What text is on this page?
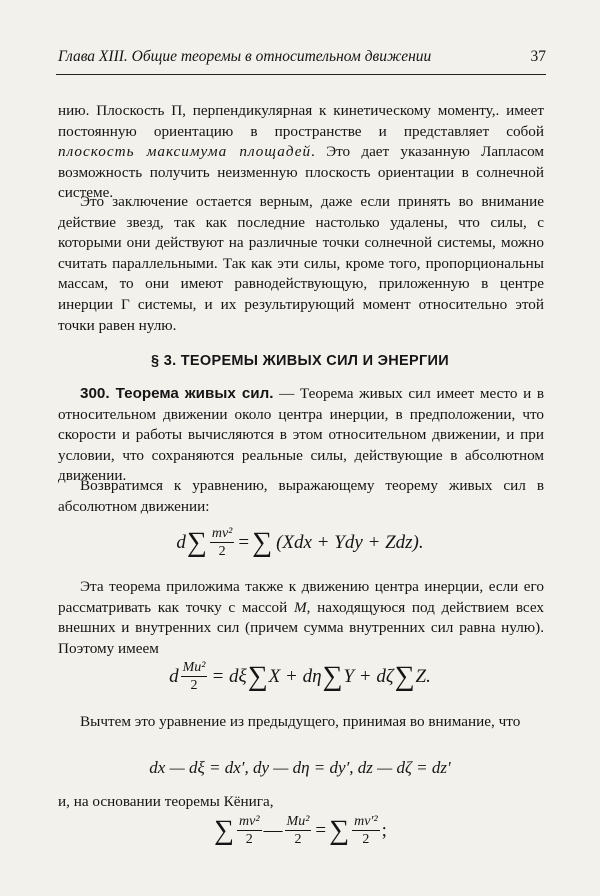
Глава XIII. Общие теоремы в относительном движении	37
нию. Плоскость П, перпендикулярная к кинетическому моменту,. имеет постоянную ориентацию в пространстве и представляет собой плоскость максимума площадей. Это дает указанную Лапласом возможность получить неизменную плоскость ориентации в солнечной системе.
Это заключение остается верным, даже если принять во внимание действие звезд, так как последние настолько удалены, что силы, с которыми они действуют на различные точки солнечной системы, можно считать параллельными. Так как эти силы, кроме того, пропорциональны массам, то они имеют равнодействующую, приложенную в центре инерции Г системы, и их результирующий момент относительно этой точки равен нулю.
§ 3. ТЕОРЕМЫ ЖИВЫХ СИЛ И ЭНЕРГИИ
300. Теорема живых сил. — Теорема живых сил имеет место и в относительном движении около центра инерции, в предположении, что скорости и работы вычисляются в этом относительном движении, и при условии, что сохраняются реальные силы, действующие в абсолютном движении.
Возвратимся к уравнению, выражающему теорему живых сил в абсолютном движении:
d ∑ $\frac{\text{mv²}}{2}$ = ∑ (Xdx + Ydy + Zdz).
Эта теорема приложима также к движению центра инерции, если его рассматривать как точку с массой M, находящуюся под действием всех внешних и внутренних сил (причем сумма внутренних сил равна нулю). Поэтому имеем
d $\frac{\text{Mu²}}{2} = d\xi$ ∑ X + dη ∑ Y + dζ ∑ Z.
Вычтем это уравнение из предыдущего, принимая во внимание, что
dx — dξ = dx′, dy — dη = dy′, dz — dζ = dz′
и, на основании теоремы Кёнига,
∑ $\frac{\text{mv²}}{2}$ — $\frac{\text{Mu²}}{2}$ = ∑ $\frac{\text{mv′²}}{2}$ ;
